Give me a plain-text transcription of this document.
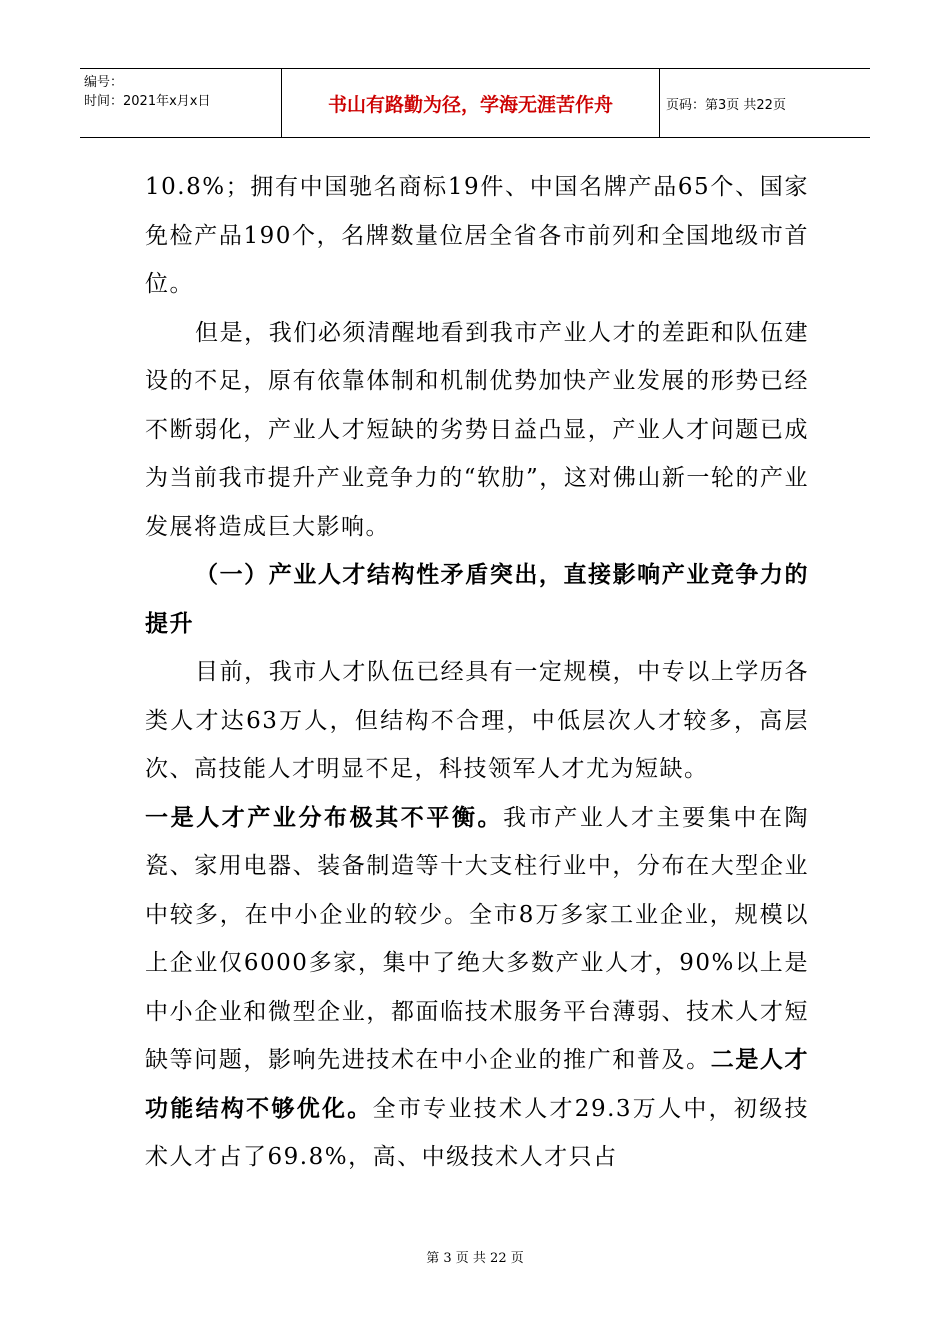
编号：
时间：2021年x月x日	书山有路勤为径，学海无涯苦作舟	页码：第3页 共22页

10.8%；拥有中国驰名商标19件、中国名牌产品65个、国家免检产品190个，名牌数量位居全省各市前列和全国地级市首位。

但是，我们必须清醒地看到我市产业人才的差距和队伍建设的不足，原有依靠体制和机制优势加快产业发展的形势已经不断弱化，产业人才短缺的劣势日益凸显，产业人才问题已成为当前我市提升产业竞争力的“软肋”，这对佛山新一轮的产业发展将造成巨大影响。

（一）产业人才结构性矛盾突出，直接影响产业竞争力的提升

目前，我市人才队伍已经具有一定规模，中专以上学历各类人才达63万人，但结构不合理，中低层次人才较多，高层次、高技能人才明显不足，科技领军人才尤为短缺。

一是人才产业分布极其不平衡。我市产业人才主要集中在陶瓷、家用电器、装备制造等十大支柱行业中，分布在大型企业中较多，在中小企业的较少。全市8万多家工业企业，规模以上企业仅6000多家，集中了绝大多数产业人才，90%以上是中小企业和微型企业，都面临技术服务平台薄弱、技术人才短缺等问题，影响先进技术在中小企业的推广和普及。二是人才功能结构不够优化。全市专业技术人才29.3万人中，初级技术人才占了69.8%，高、中级技术人才只占

第 3 页 共 22 页
